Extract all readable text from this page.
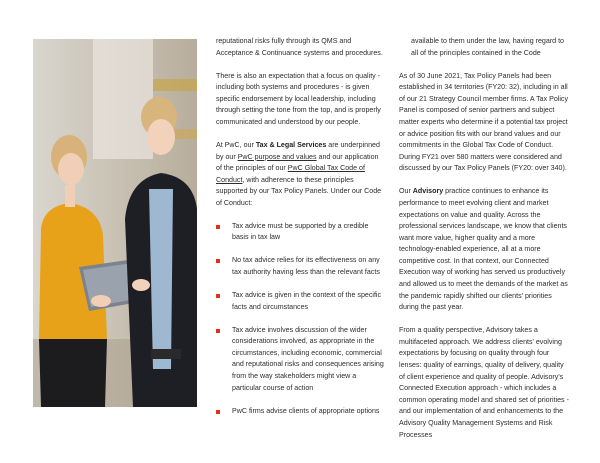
reputational risks fully through its QMS and Acceptance & Continuance systems and procedures.

There is also an expectation that a focus on quality - including both systems and procedures - is given specific endorsement by local leadership, including through setting the tone from the top, and is properly communicated and understood by our people.

At PwC, our Tax & Legal Services are underpinned by our PwC purpose and values and our application of the principles of our PwC Global Tax Code of Conduct, with adherence to these principles supported by our Tax Policy Panels. Under our Code of Conduct:

Tax advice must be supported by a credible basis in tax law
No tax advice relies for its effectiveness on any tax authority having less than the relevant facts
Tax advice is given in the context of the specific facts and circumstances
Tax advice involves discussion of the wider considerations involved, as appropriate in the circumstances, including economic, commercial and reputational risks and consequences arising from the way stakeholders might view a particular course of action
PwC firms advise clients of appropriate options

available to them under the law, having regard to all of the principles contained in the Code

As of 30 June 2021, Tax Policy Panels had been established in 34 territories (FY20: 32), including in all of our 21 Strategy Council member firms. A Tax Policy Panel is composed of senior partners and subject matter experts who determine if a potential tax project or advice position fits with our brand values and our commitments in the Global Tax Code of Conduct. During FY21 over 580 matters were considered and discussed by our Tax Policy Panels (FY20: over 340).

Our Advisory practice continues to enhance its performance to meet evolving client and market expectations on value and quality. Across the professional services landscape, we know that clients want more value, higher quality and a more technology-enabled experience, all at a more competitive cost. In that context, our Connected Execution way of working has served us productively and allowed us to meet the demands of the market as the pandemic rapidly shifted our clients' priorities during the past year.

From a quality perspective, Advisory takes a multifaceted approach. We address clients' evolving expectations by focusing on quality through four lenses: quality of earnings, quality of delivery, quality of client experience and quality of people. Advisory's Connected Execution approach - which includes a common operating model and shared set of priorities - and our implementation of and enhancements to the Advisory Quality Management Systems and Risk Processes
